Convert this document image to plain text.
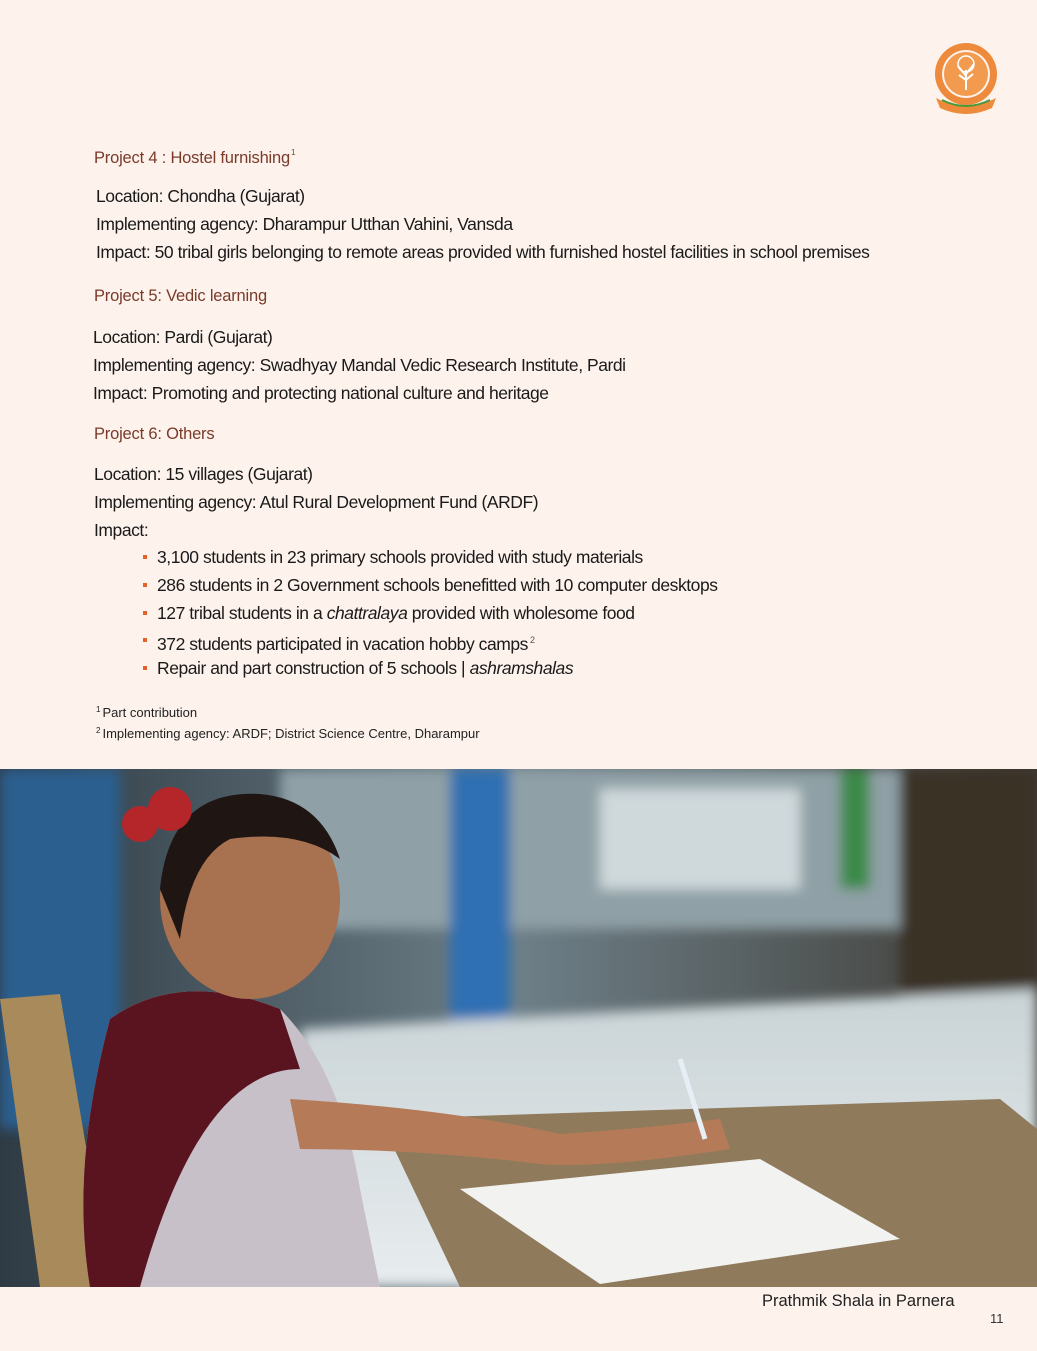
Project 4 : Hostel furnishing$^1$
Location: Chondha (Gujarat)
Implementing agency: Dharampur Utthan Vahini, Vansda
Impact: 50 tribal girls belonging to remote areas provided with furnished hostel facilities in school premises
Project 5: Vedic learning
Location: Pardi (Gujarat)
Implementing agency: Swadhyay Mandal Vedic Research Institute, Pardi
Impact: Promoting and protecting national culture and heritage
Project 6: Others
Location: 15 villages (Gujarat)
Implementing agency: Atul Rural Development Fund (ARDF)
Impact:
3,100 students in 23 primary schools provided with study materials
286 students in 2 Government schools benefitted with 10 computer desktops
127 tribal students in a chattralaya provided with wholesome food
372 students participated in vacation hobby camps $^2$
Repair and part construction of 5 schools | ashramshalas
$^1$ Part contribution
$^2$ Implementing agency: ARDF; District Science Centre, Dharampur
Prathmik Shala in Parnera
11
